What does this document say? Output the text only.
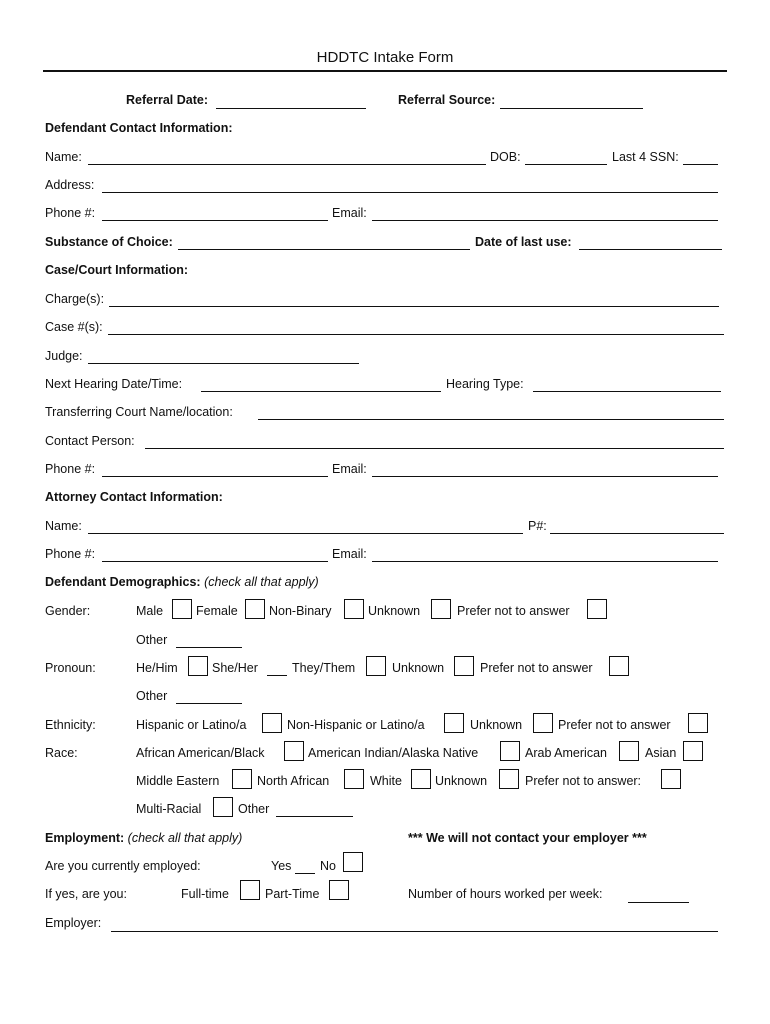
HDDTC Intake Form
Referral Date:	Referral Source:
Defendant Contact Information:
Name:	DOB:	Last 4 SSN:
Address:
Phone #:	Email:
Substance of Choice:	Date of last use:
Case/Court Information:
Charge(s):
Case #(s):
Judge:
Next Hearing Date/Time:	Hearing Type:
Transferring Court Name/location:
Contact Person:
Phone #:	Email:
Attorney Contact Information:
Name:	P#:
Phone #:	Email:
Defendant Demographics: (check all that apply)
Gender:	Male	Female	Non-Binary	Unknown	Prefer not to answer
Other
Pronoun:	He/Him	She/Her	They/Them	Unknown	Prefer not to answer
Other
Ethnicity:	Hispanic or Latino/a	Non-Hispanic or Latino/a	Unknown	Prefer not to answer
Race:	African American/Black	American Indian/Alaska Native	Arab American	Asian
Middle Eastern	North African	White	Unknown	Prefer not to answer:
Multi-Racial	Other
Employment: (check all that apply)	*** We will not contact your employer ***
Are you currently employed:	Yes No
If yes, are you:	Full-time	Part-Time	Number of hours worked per week:
Employer:
